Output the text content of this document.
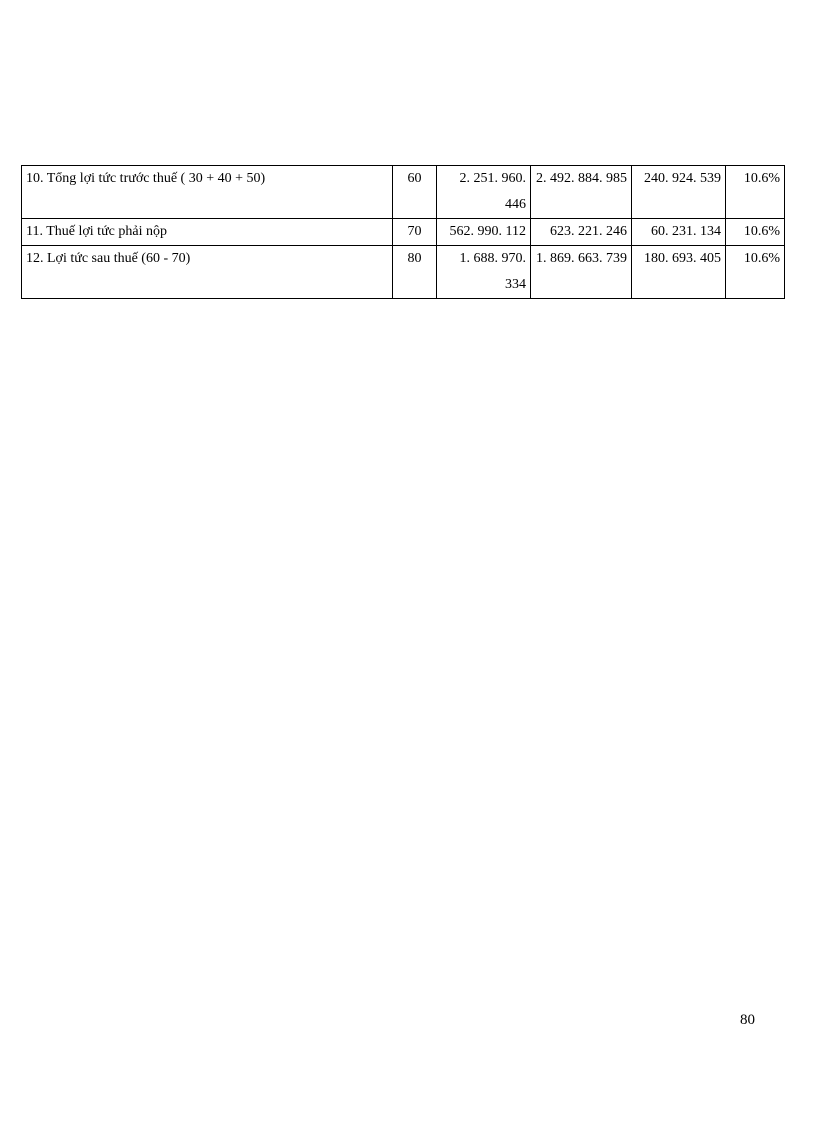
10. Tổng lợi tức trước thuế ( 30 + 40 + 50)	60	2. 251. 960. 446	2. 492. 884. 985	240. 924. 539	10.6%
11. Thuế lợi tức phải nộp	70	562. 990. 112	623. 221. 246	60. 231. 134	10.6%
12. Lợi tức sau thuế (60 - 70)	80	1. 688. 970. 334	1. 869. 663. 739	180. 693. 405	10.6%
80
